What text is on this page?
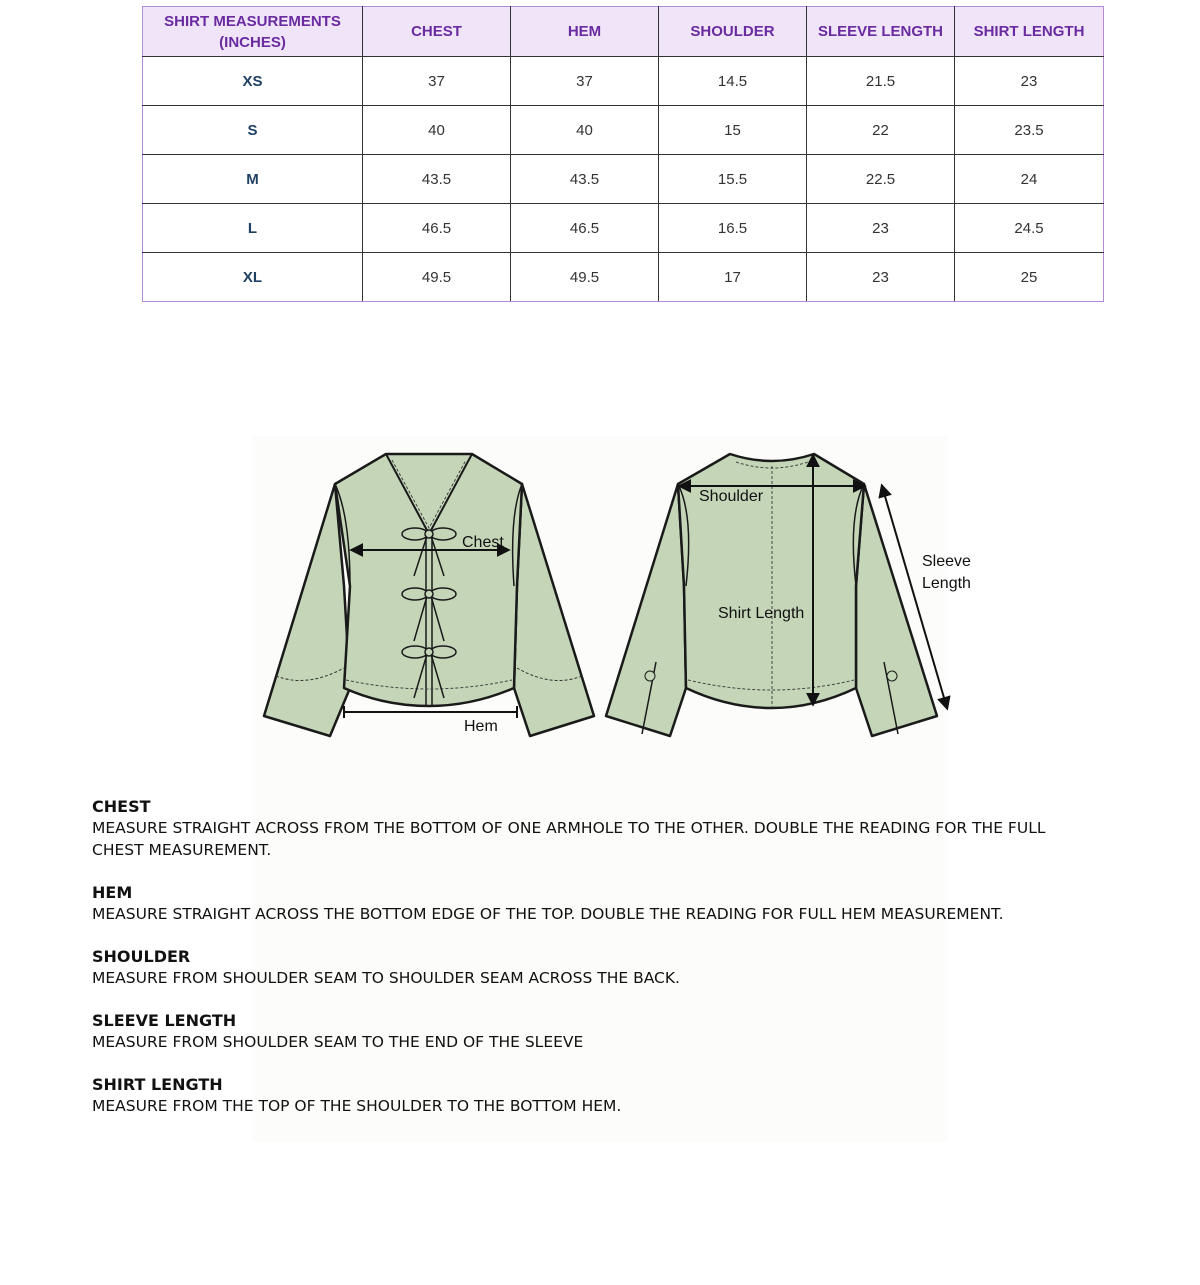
SHIRT MEASUREMENTS (INCHES)	CHEST	HEM	SHOULDER	SLEEVE LENGTH	SHIRT LENGTH
XS	37	37	14.5	21.5	23
S	40	40	15	22	23.5
M	43.5	43.5	15.5	22.5	24
L	46.5	46.5	16.5	23	24.5
XL	49.5	49.5	17	23	25
Chest
Hem
Shoulder
Shirt Length
Sleeve
Length
CHEST
MEASURE STRAIGHT ACROSS FROM THE BOTTOM OF ONE ARMHOLE TO THE OTHER. DOUBLE THE READING FOR THE FULL CHEST MEASUREMENT.
HEM
MEASURE STRAIGHT ACROSS THE BOTTOM EDGE OF THE TOP. DOUBLE THE READING FOR FULL HEM MEASUREMENT.
SHOULDER
MEASURE FROM SHOULDER SEAM TO SHOULDER SEAM ACROSS THE BACK.
SLEEVE LENGTH
MEASURE FROM SHOULDER SEAM TO THE END OF THE SLEEVE
SHIRT LENGTH
MEASURE FROM THE TOP OF THE SHOULDER TO THE BOTTOM HEM.
